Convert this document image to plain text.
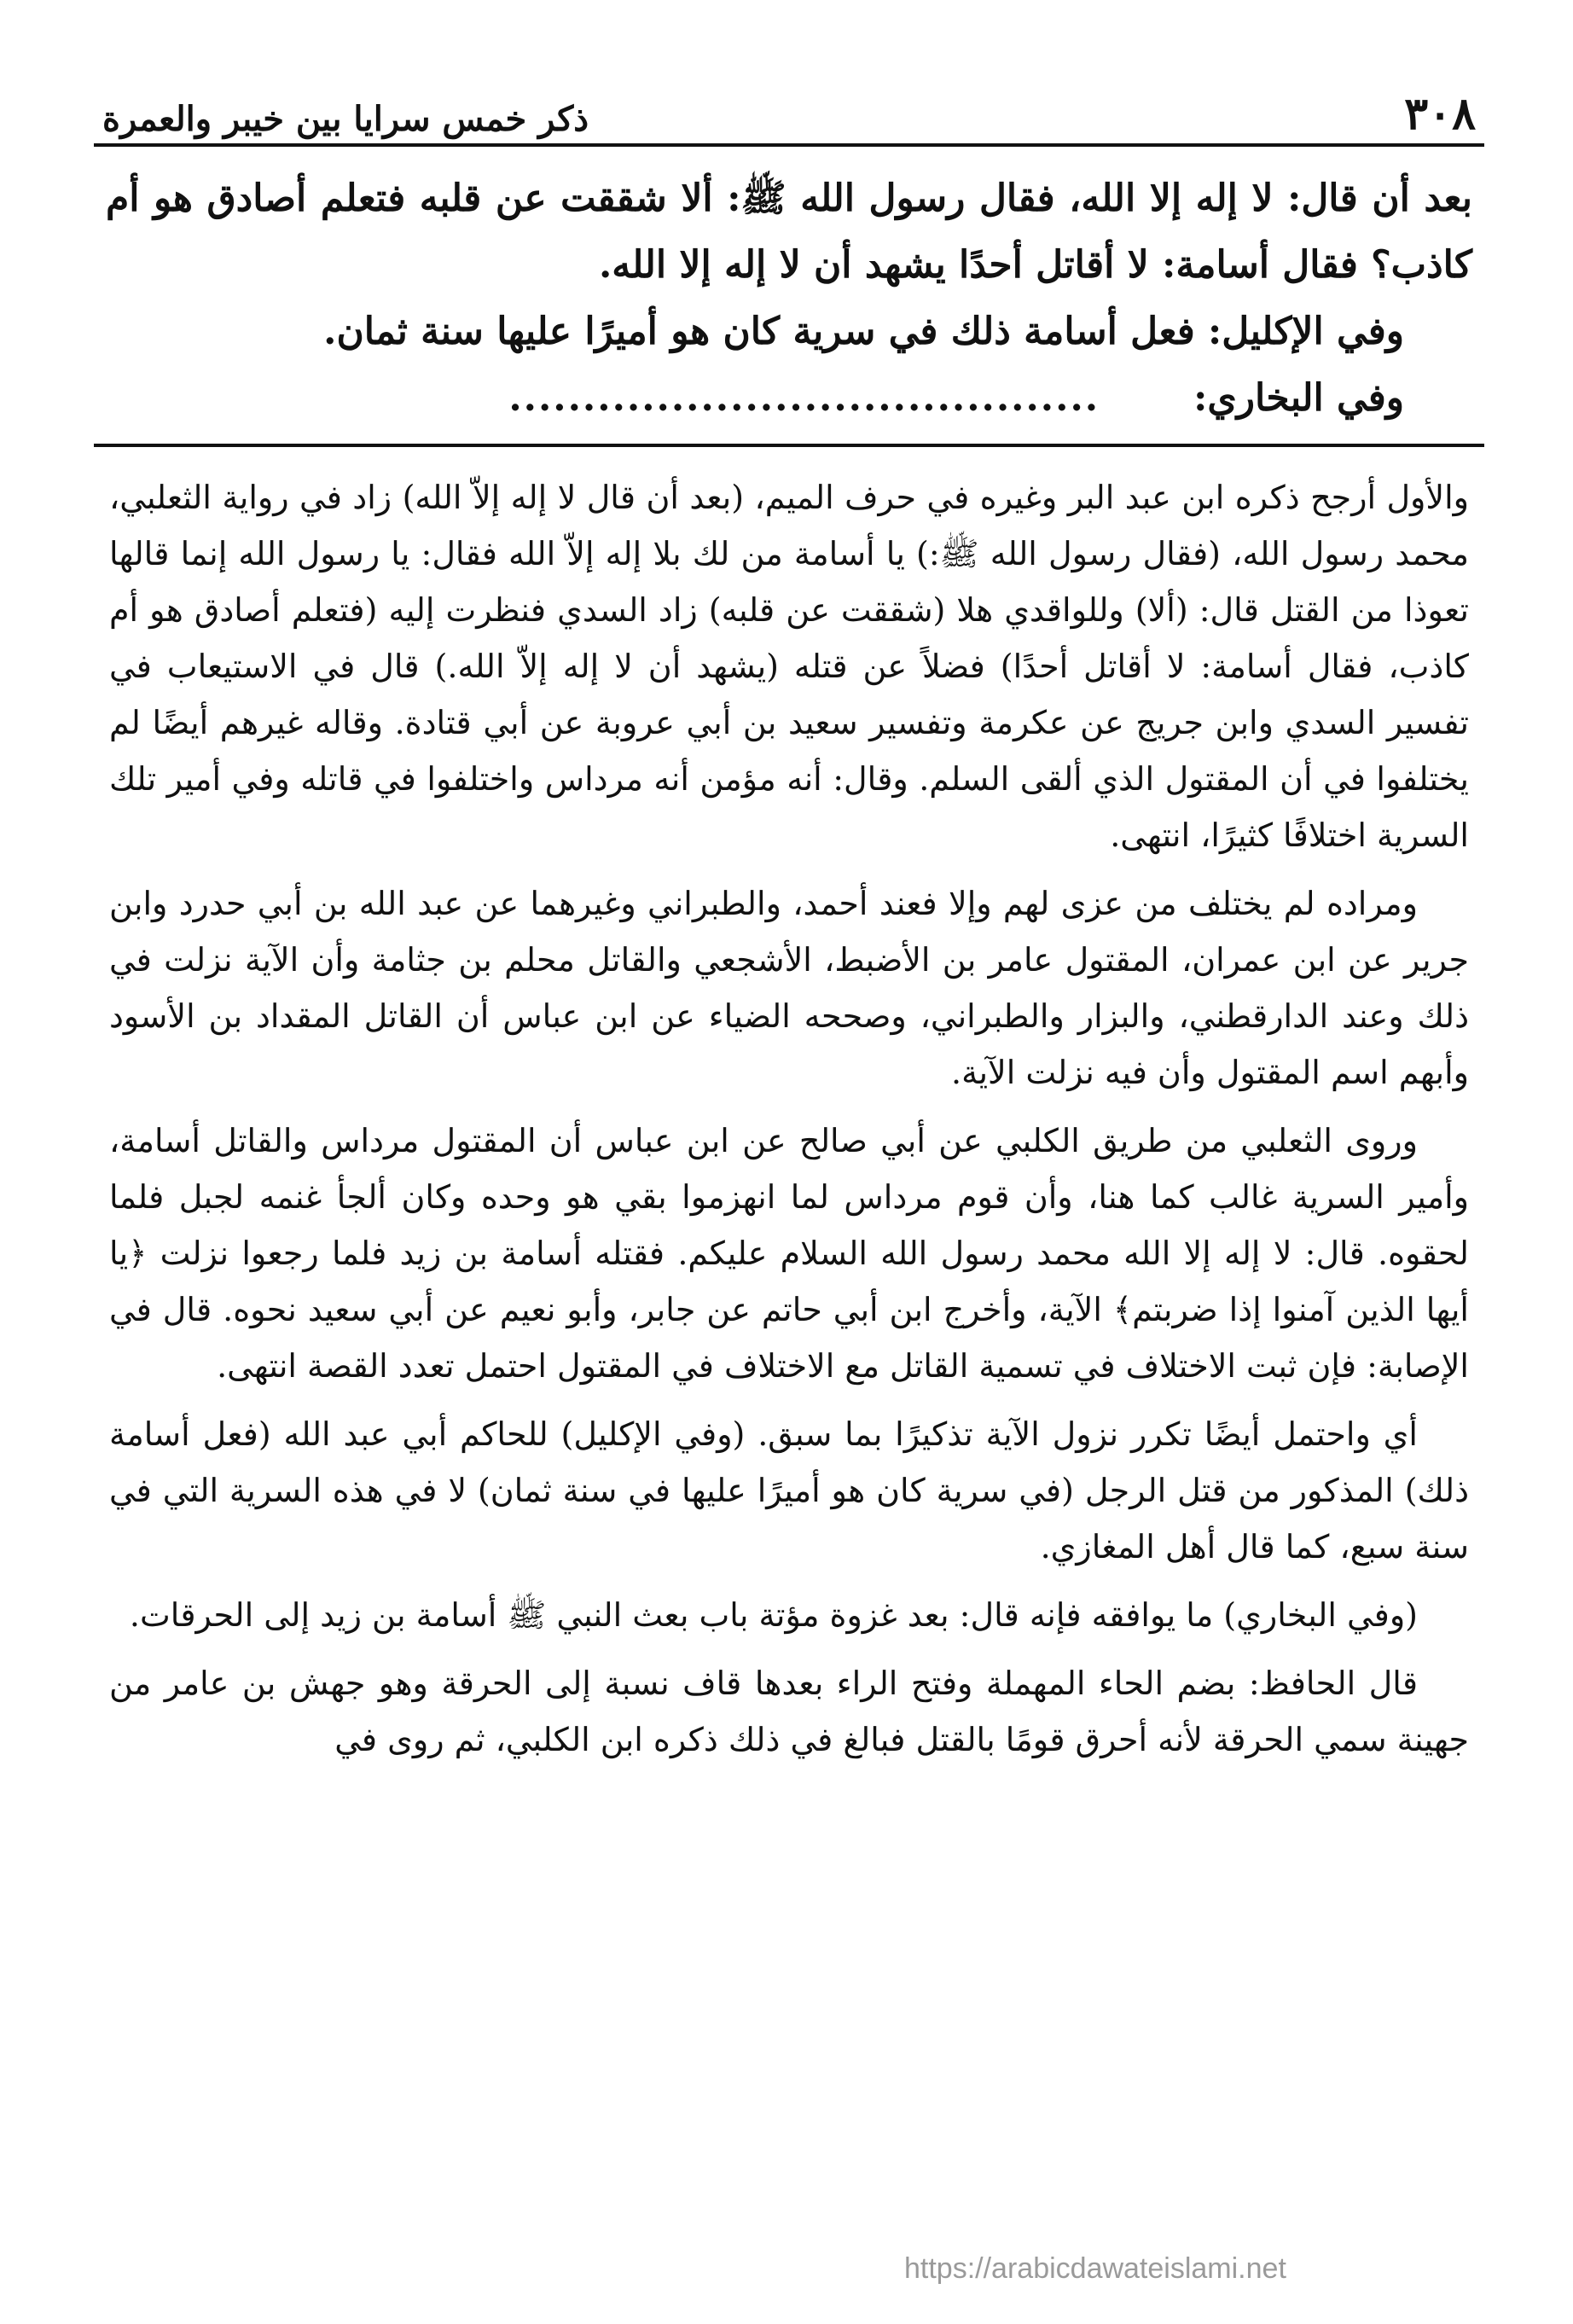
٣٠٨
ذكر خمس سرايا بين خيبر والعمرة

بعد أن قال: لا إله إلا الله، فقال رسول الله ﷺ: ألا شققت عن قلبه فتعلم أصادق هو أم كاذب؟ فقال أسامة: لا أقاتل أحدًا يشهد أن لا إله إلا الله.

وفي الإكليل: فعل أسامة ذلك في سرية كان هو أميرًا عليها سنة ثمان.

وفي البخاري:
........................................

والأول أرجح ذكره ابن عبد البر وغيره في حرف الميم، (بعد أن قال لا إله إلاّ الله) زاد في رواية الثعلبي، محمد رسول الله، (فقال رسول الله ﷺ:) يا أسامة من لك بلا إله إلاّ الله فقال: يا رسول الله إنما قالها تعوذا من القتل قال: (ألا) وللواقدي هلا (شققت عن قلبه) زاد السدي فنظرت إليه (فتعلم أصادق هو أم كاذب، فقال أسامة: لا أقاتل أحدًا) فضلاً عن قتله (يشهد أن لا إله إلاّ الله.) قال في الاستيعاب في تفسير السدي وابن جريج عن عكرمة وتفسير سعيد بن أبي عروبة عن أبي قتادة. وقاله غيرهم أيضًا لم يختلفوا في أن المقتول الذي ألقى السلم. وقال: أنه مؤمن أنه مرداس واختلفوا في قاتله وفي أمير تلك السرية اختلافًا كثيرًا، انتهى.

ومراده لم يختلف من عزى لهم وإلا فعند أحمد، والطبراني وغيرهما عن عبد الله بن أبي حدرد وابن جرير عن ابن عمران، المقتول عامر بن الأضبط، الأشجعي والقاتل محلم بن جثامة وأن الآية نزلت في ذلك وعند الدارقطني، والبزار والطبراني، وصححه الضياء عن ابن عباس أن القاتل المقداد بن الأسود وأبهم اسم المقتول وأن فيه نزلت الآية.

وروى الثعلبي من طريق الكلبي عن أبي صالح عن ابن عباس أن المقتول مرداس والقاتل أسامة، وأمير السرية غالب كما هنا، وأن قوم مرداس لما انهزموا بقي هو وحده وكان ألجأ غنمه لجبل فلما لحقوه. قال: لا إله إلا الله محمد رسول الله السلام عليكم. فقتله أسامة بن زيد فلما رجعوا نزلت ﴿يا أيها الذين آمنوا إذا ضربتم﴾ الآية، وأخرج ابن أبي حاتم عن جابر، وأبو نعيم عن أبي سعيد نحوه. قال في الإصابة: فإن ثبت الاختلاف في تسمية القاتل مع الاختلاف في المقتول احتمل تعدد القصة انتهى.

أي واحتمل أيضًا تكرر نزول الآية تذكيرًا بما سبق. (وفي الإكليل) للحاكم أبي عبد الله (فعل أسامة ذلك) المذكور من قتل الرجل (في سرية كان هو أميرًا عليها في سنة ثمان) لا في هذه السرية التي في سنة سبع، كما قال أهل المغازي.

(وفي البخاري) ما يوافقه فإنه قال: بعد غزوة مؤتة باب بعث النبي ﷺ أسامة بن زيد إلى الحرقات.

قال الحافظ: بضم الحاء المهملة وفتح الراء بعدها قاف نسبة إلى الحرقة وهو جهش بن عامر من جهينة سمي الحرقة لأنه أحرق قومًا بالقتل فبالغ في ذلك ذكره ابن الكلبي، ثم روى في

https://arabicdawateislami.net
